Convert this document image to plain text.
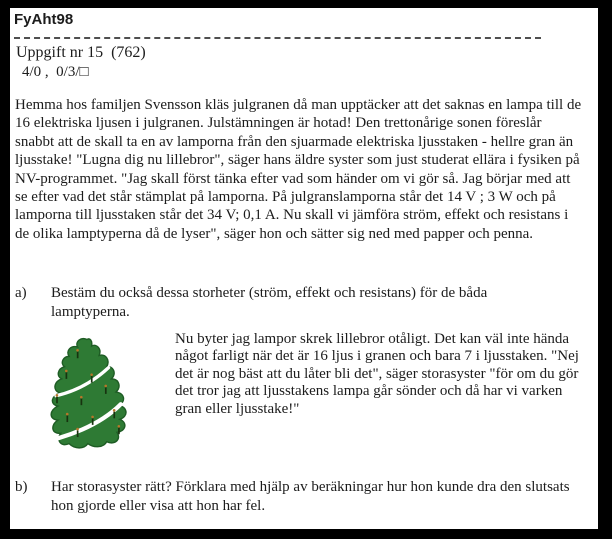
FyAht98
Uppgift nr 15  (762)
4/0 ,  0/3/□
Hemma hos familjen Svensson kläs julgranen då man upptäcker att det saknas en lampa till de 16 elektriska ljusen i julgranen. Julstämningen är hotad! Den trettonårige sonen föreslår snabbt att de skall ta en av lamporna från den sjuarmade elektriska ljusstaken - hellre gran än ljusstake! "Lugna dig nu lillebror", säger hans äldre syster som just studerat ellära i fysiken på NV-programmet. "Jag skall först tänka efter vad som händer om vi gör så. Jag börjar med att se efter vad det står stämplat på lamporna. På julgranslamporna står det 14 V ; 3 W och på lamporna till ljusstaken står det 34 V; 0,1 A. Nu skall vi jämföra ström, effekt och resistans i de olika lamptyperna då de lyser", säger hon och sätter sig ned med papper och penna.
a)	Bestäm du också dessa storheter (ström, effekt och resistans) för de båda lamptyperna.
Nu byter jag lampor skrek lillebror otåligt. Det kan väl inte hända något farligt när det är 16 ljus i granen och bara 7 i ljusstaken. "Nej det är nog bäst att du låter bli det", säger storasyster "för om du gör det tror jag att ljusstakens lampa går sönder och då har vi varken gran eller ljusstake!"
b)	Har storasyster rätt? Förklara med hjälp av beräkningar hur hon kunde dra den slutsats hon gjorde eller visa att hon har fel.
